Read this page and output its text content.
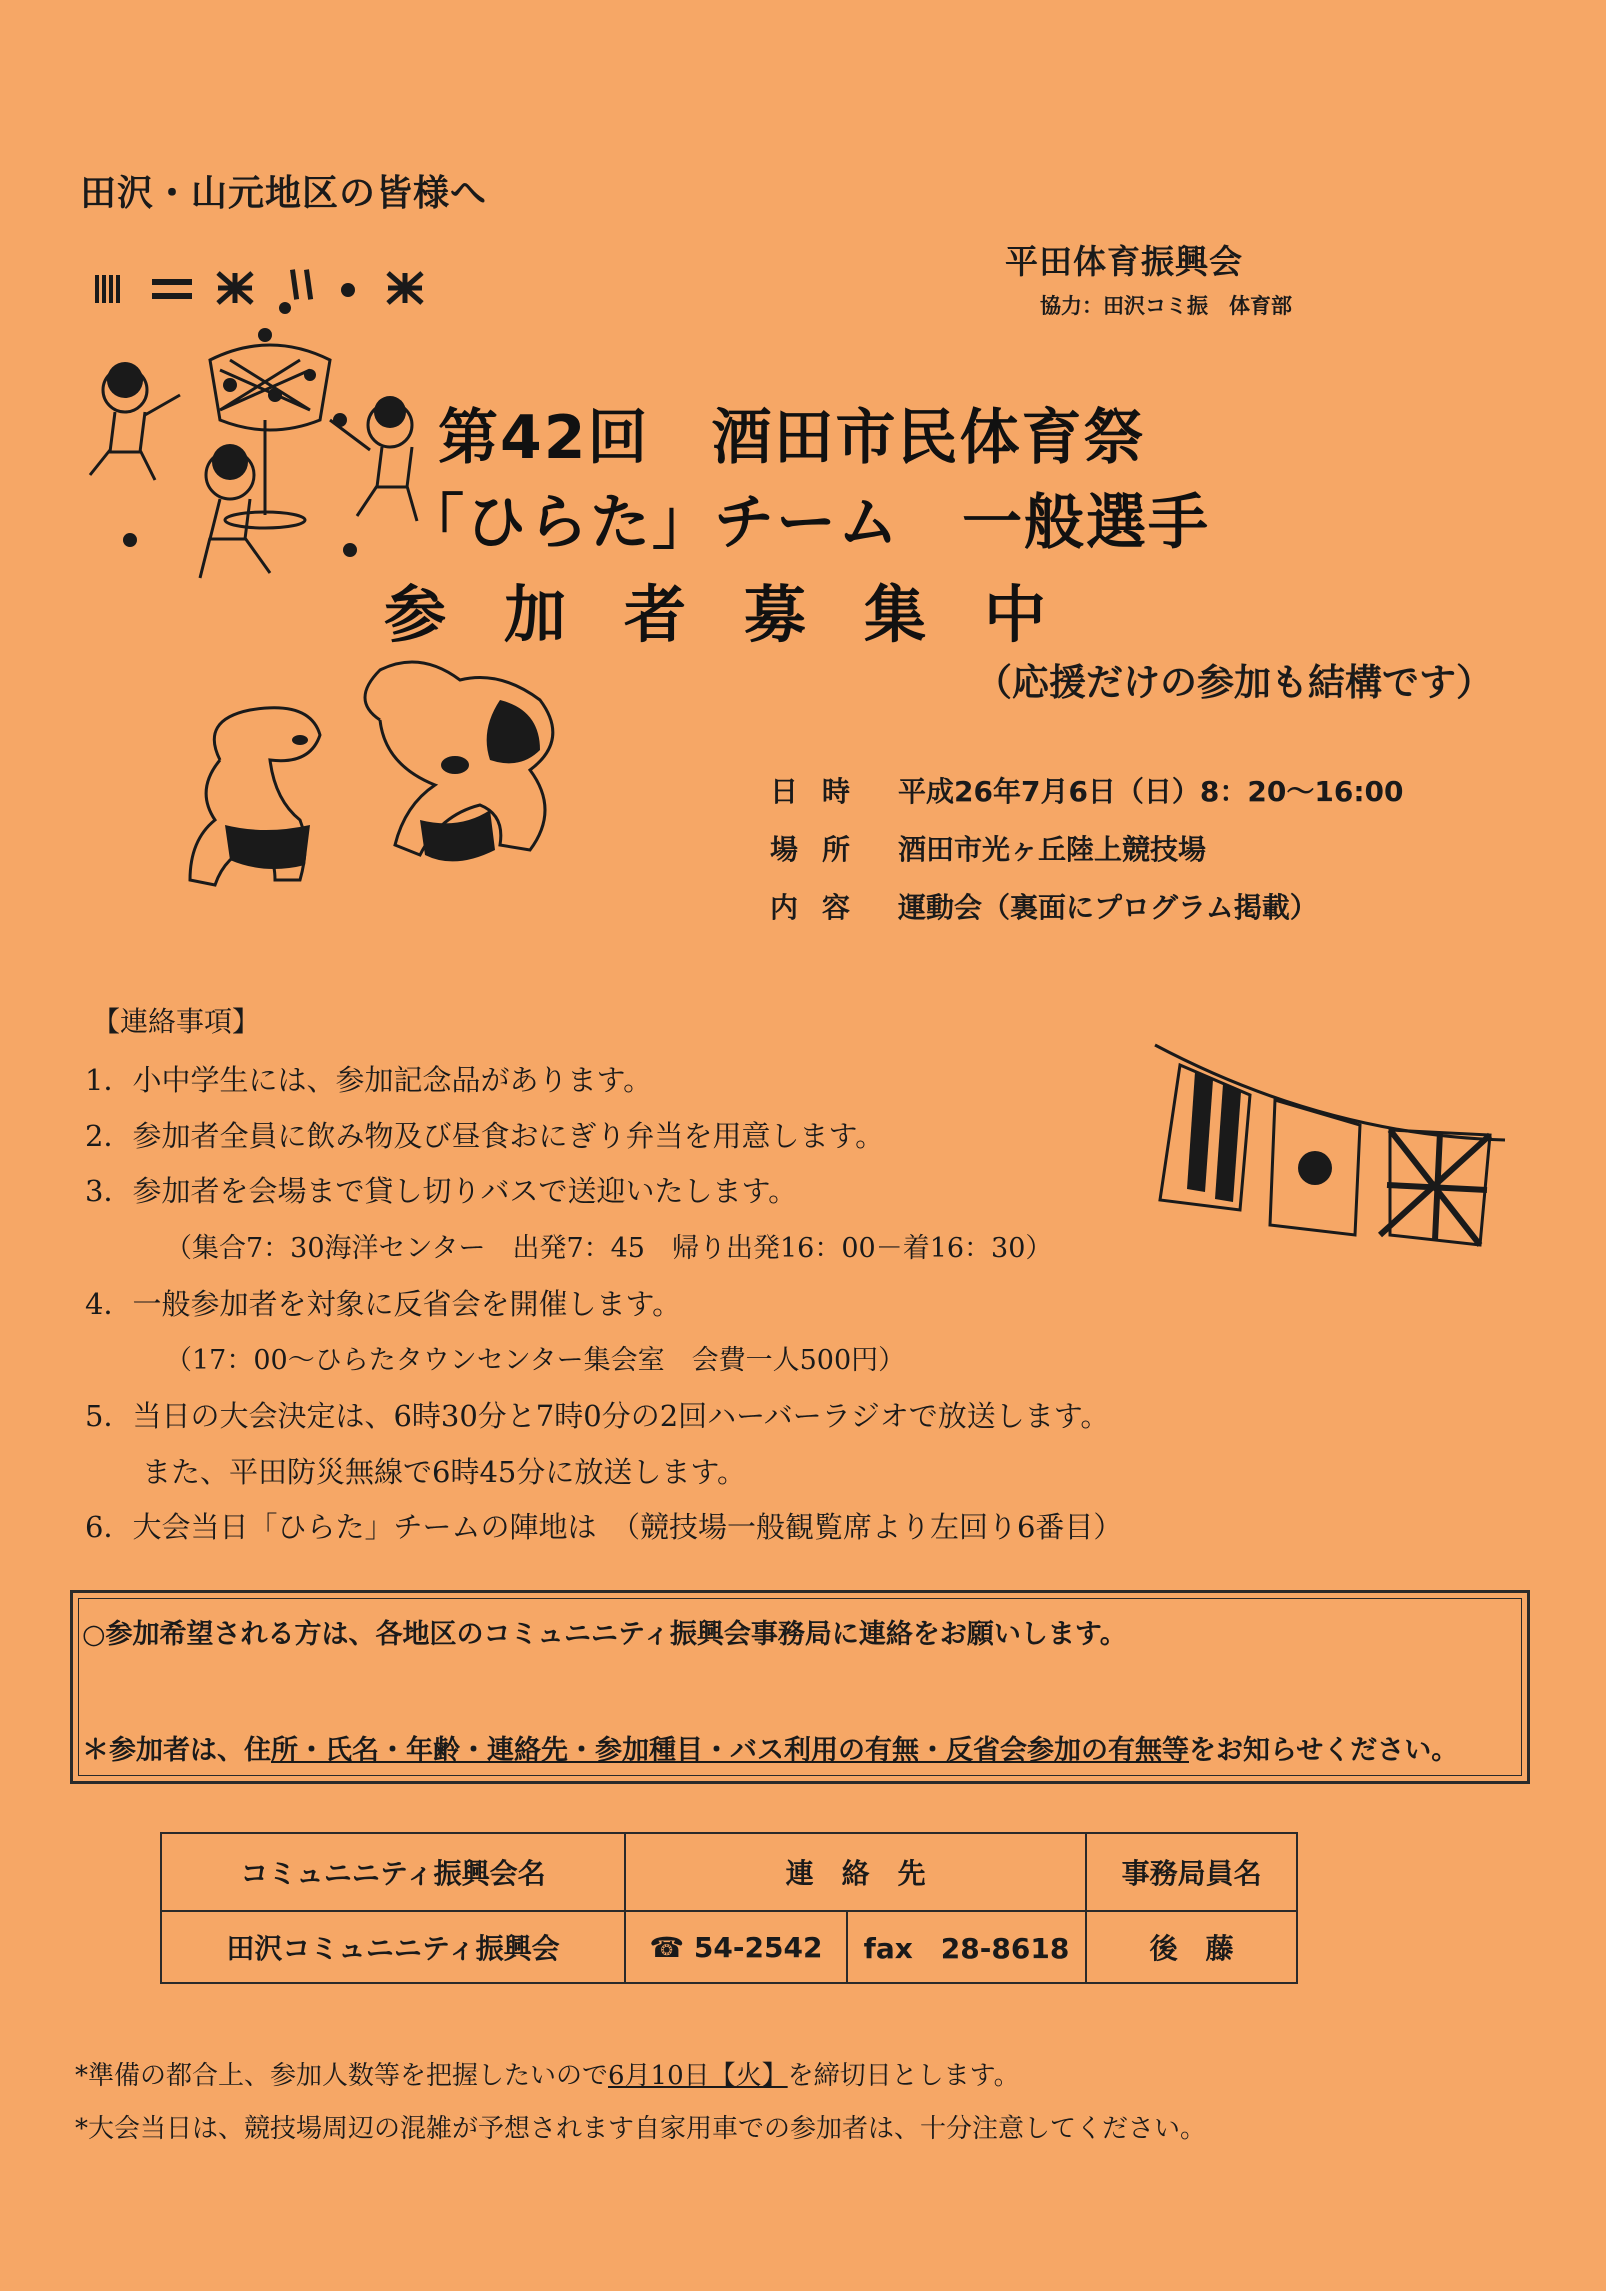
田沢・山元地区の皆様へ
平田体育振興会
協力：田沢コミ振　体育部
第42回　酒田市民体育祭
「ひらた」チーム　一般選手
参加者募集中
（応援だけの参加も結構です）
日時 平成26年7月6日（日）8：20～16:00
場所 酒田市光ヶ丘陸上競技場
内容 運動会（裏面にプログラム掲載）
【連絡事項】
1．小中学生には、参加記念品があります。
2．参加者全員に飲み物及び昼食おにぎり弁当を用意します。
3．参加者を会場まで貸し切りバスで送迎いたします。
（集合7：30海洋センター　出発7：45　帰り出発16：00－着16：30）
4．一般参加者を対象に反省会を開催します。
（17：00～ひらたタウンセンター集会室　会費一人500円）
5．当日の大会決定は、6時30分と7時0分の2回ハーバーラジオで放送します。
また、平田防災無線で6時45分に放送します。
6．大会当日「ひらた」チームの陣地は　（競技場一般観覧席より左回り6番目）
○参加希望される方は、各地区のコミュニニティ振興会事務局に連絡をお願いします。
＊参加者は、住所・氏名・年齢・連絡先・参加種目・バス利用の有無・反省会参加の有無等をお知らせください。
コミュニニティ振興会名	連　絡　先		事務局員名
田沢コミュニニティ振興会	☎ 54-2542	fax　28-8618	後　藤
*準備の都合上、参加人数等を把握したいので6月10日【火】を締切日とします。
*大会当日は、競技場周辺の混雑が予想されます自家用車での参加者は、十分注意してください。
